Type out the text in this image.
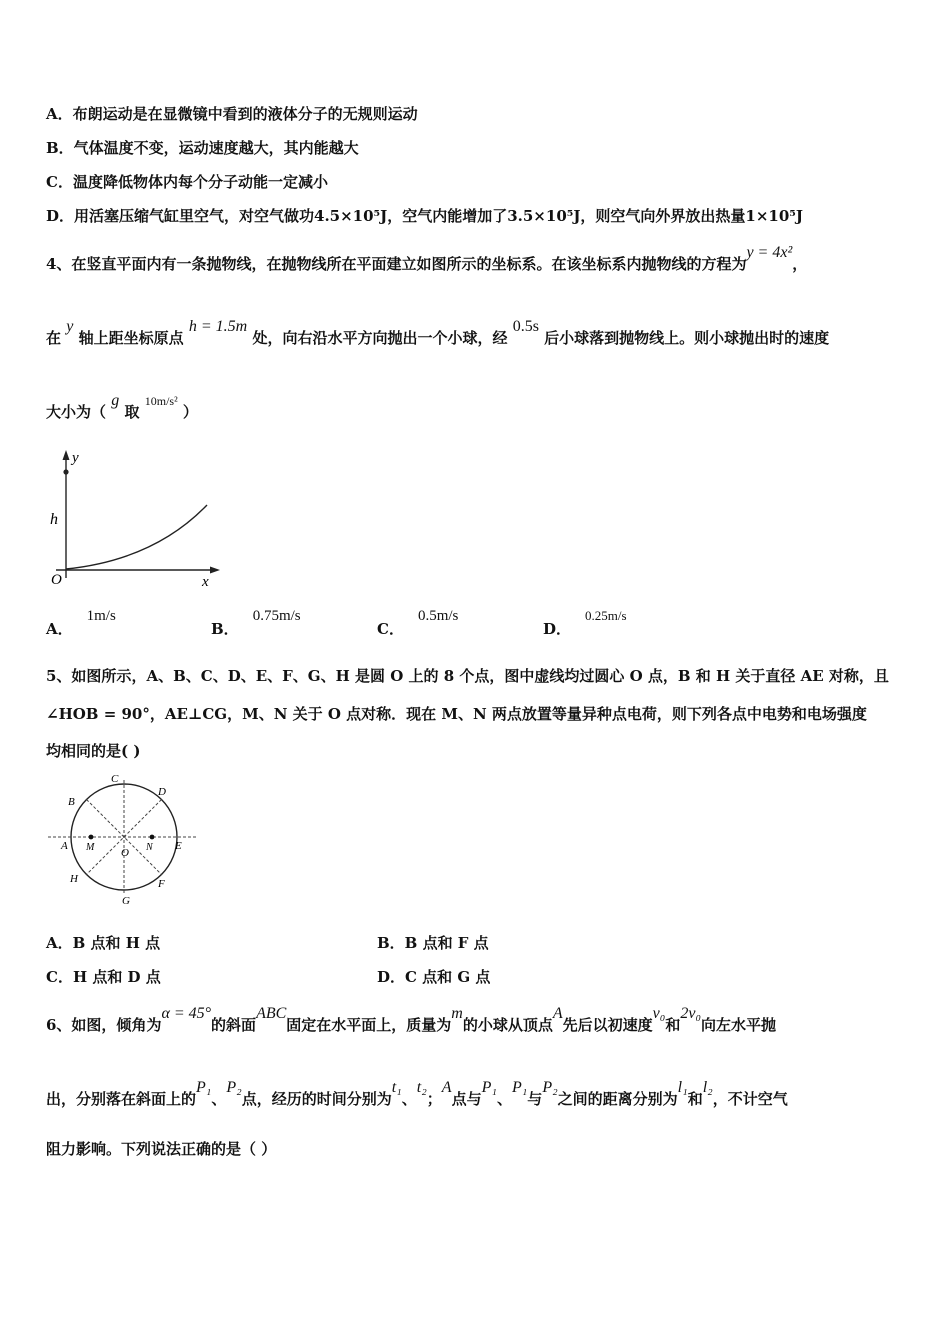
A．布朗运动是在显微镜中看到的液体分子的无规则运动
B．气体温度不变，运动速度越大，其内能越大
C．温度降低物体内每个分子动能一定减小
D．用活塞压缩气缸里空气，对空气做功4.5×10⁵J，空气内能增加了3.5×10⁵J，则空气向外界放出热量1×10⁵J
4、在竖直平面内有一条抛物线，在抛物线所在平面建立如图所示的坐标系。在该坐标系内抛物线的方程为y = 4x²，
在 y 轴上距坐标原点 h = 1.5m 处，向右沿水平方向抛出一个小球，经 0.5s 后小球落到抛物线上。则小球抛出时的速度
大小为（ g 取 $^{10m/s^2}$ ）
y
h
O	x
A．1m/s
B．0.75m/s
C．0.5m/s
D．0.25m/s
5、如图所示，A、B、C、D、E、F、G、H 是圆 O 上的 8 个点，图中虚线均过圆心 O 点，B 和 H 关于直径 AE 对称，且
∠HOB = 90°，AE⊥CG，M、N 关于 O 点对称．现在 M、N 两点放置等量异种点电荷，则下列各点中电势和电场强度
均相同的是( )
C
D
B
A M O N E
H	F
G
A．B 点和 H 点	B．B 点和 F 点
C．H 点和 D 点	D．C 点和 G 点
6、如图，倾角为α = 45°的斜面ABC固定在水平面上，质量为m的小球从顶点A先后以初速度v₀和2v₀向左水平抛
出，分别落在斜面上的P₁、P₂点，经历的时间分别为t₁、t₂；A点与P₁、P₁与P₂之间的距离分别为l₁和l₂，不计空气
阻力影响。下列说法正确的是（ ）
